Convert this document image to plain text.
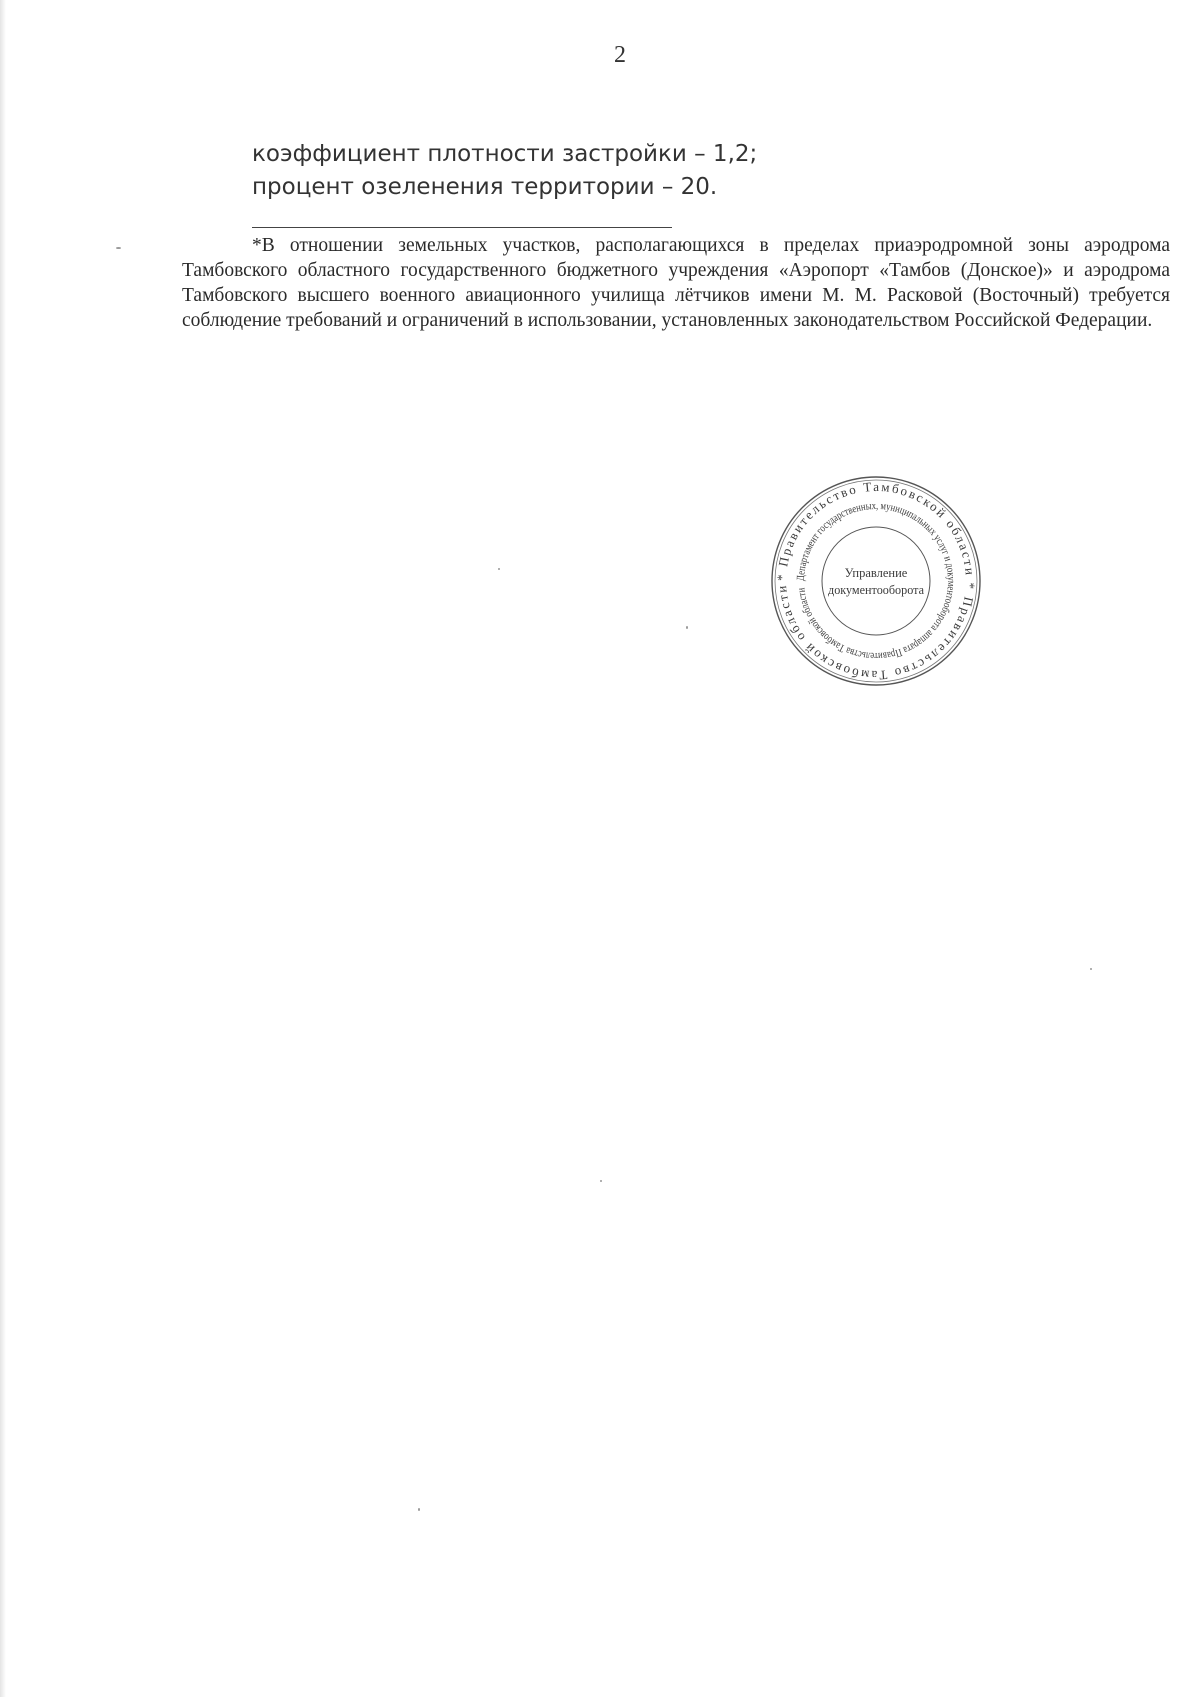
2
коэффициент плотности застройки – 1,2;
процент озеленения территории – 20.
*В отношении земельных участков, располагающихся в пределах приаэродромной зоны аэродрома Тамбовского областного государственного бюджетного учреждения «Аэропорт «Тамбов (Донское)» и аэродрома Тамбовского высшего военного авиационного училища лётчиков имени М. М. Расковой (Восточный) требуется соблюдение требований и ограничений в использовании, установленных законодательством Российской Федерации.
* Правительство Тамбовской области * Правительство Тамбовской области
Департамент государственных, муниципальных услуг и документооборота аппарата Правительства Тамбовской области
Управление
документооборота
